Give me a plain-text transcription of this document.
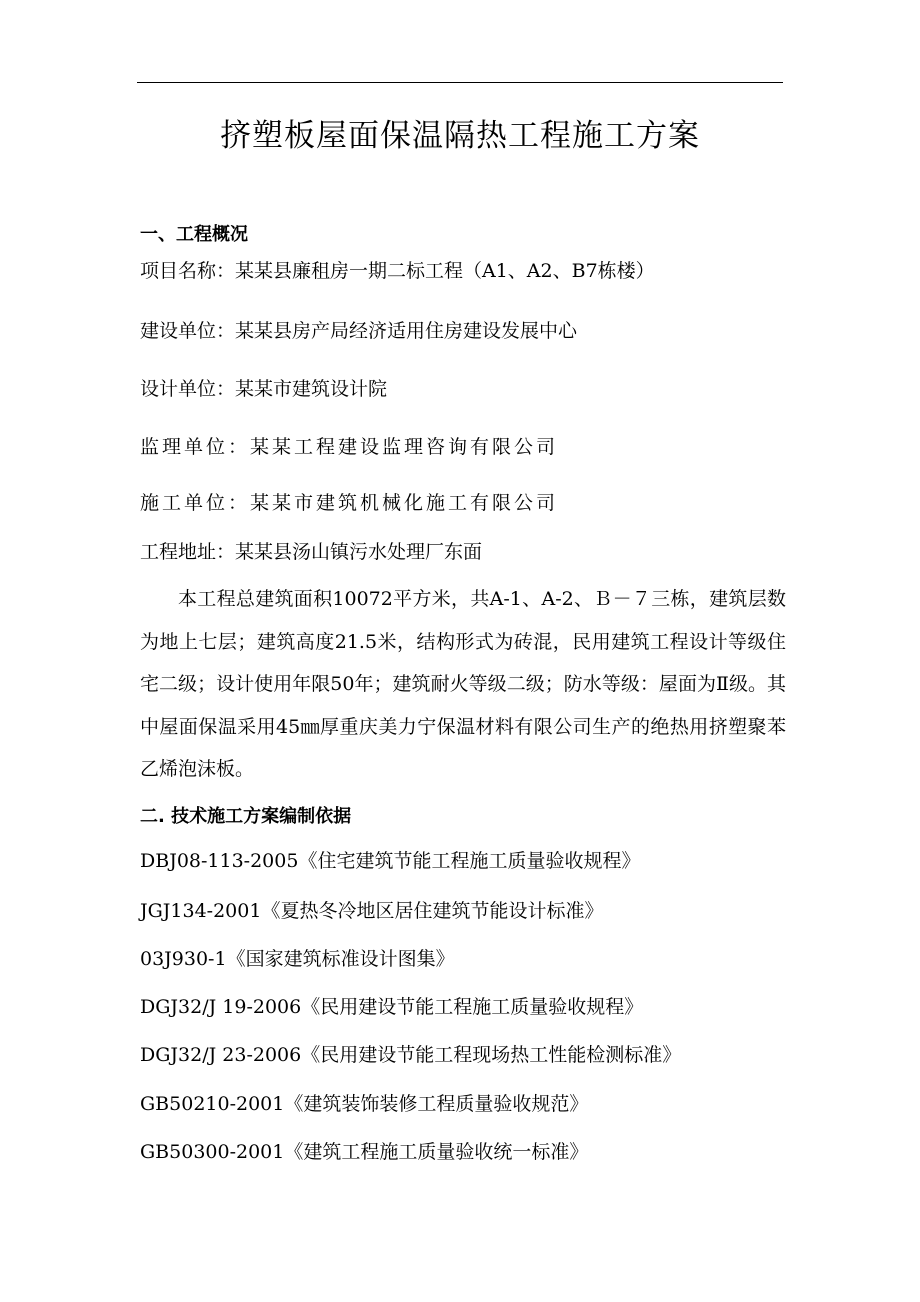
挤塑板屋面保温隔热工程施工方案
一、工程概况
项目名称：某某县廉租房一期二标工程（A1、A2、B7栋楼）
建设单位：某某县房产局经济适用住房建设发展中心
设计单位：某某市建筑设计院
监理单位：某某工程建设监理咨询有限公司
施工单位：某某市建筑机械化施工有限公司
工程地址：某某县汤山镇污水处理厂东面
本工程总建筑面积10072平方米，共A-1、A-2、Ｂ－７三栋，建筑层数为地上七层；建筑高度21.5米，结构形式为砖混，民用建筑工程设计等级住宅二级；设计使用年限50年；建筑耐火等级二级；防水等级：屋面为Ⅱ级。其中屋面保温采用45㎜厚重庆美力宁保温材料有限公司生产的绝热用挤塑聚苯乙烯泡沫板。
二. 技术施工方案编制依据
DBJ08-113-2005《住宅建筑节能工程施工质量验收规程》
JGJ134-2001《夏热冬冷地区居住建筑节能设计标准》
03J930-1《国家建筑标准设计图集》
DGJ32/J 19-2006《民用建设节能工程施工质量验收规程》
DGJ32/J 23-2006《民用建设节能工程现场热工性能检测标准》
GB50210-2001《建筑装饰装修工程质量验收规范》
GB50300-2001《建筑工程施工质量验收统一标准》
